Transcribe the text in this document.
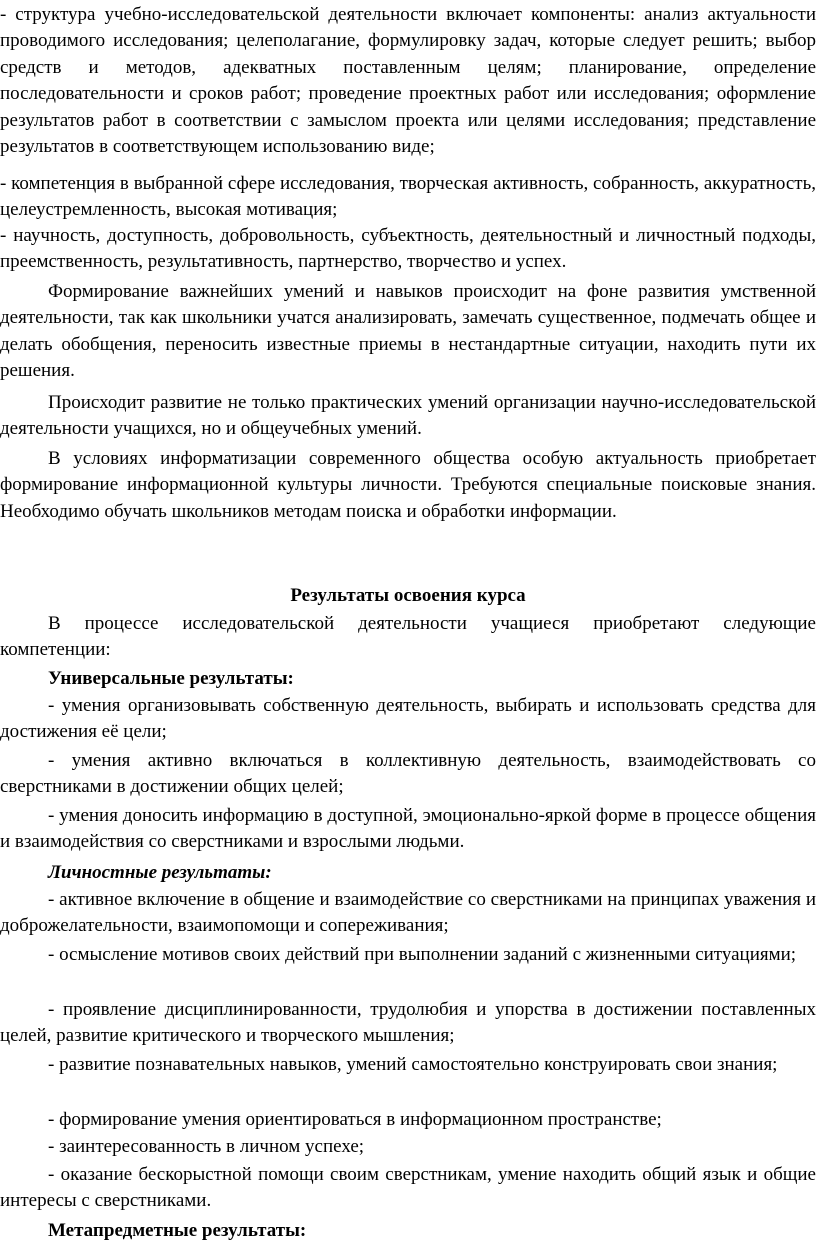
- структура учебно-исследовательской деятельности включает компоненты: анализ актуальности проводимого исследования; целеполагание, формулировку задач, которые следует решить; выбор средств и методов, адекватных поставленным целям; планирование, определение последовательности и сроков работ; проведение проектных работ или исследования; оформление результатов работ в соответствии с замыслом проекта или целями исследования; представление результатов в соответствующем использованию виде;

- компетенция в выбранной сфере исследования, творческая активность, собранность, аккуратность, целеустремленность, высокая мотивация;

- научность, доступность, добровольность, субъектность, деятельностный и личностный подходы, преемственность, результативность, партнерство, творчество и успех.

Формирование важнейших умений и навыков происходит на фоне развития умственной деятельности, так как школьники учатся анализировать, замечать существенное, подмечать общее и делать обобщения, переносить известные приемы в нестандартные ситуации, находить пути их решения.

Происходит развитие не только практических умений организации научно-исследовательской деятельности учащихся, но и общеучебных умений.

В условиях информатизации современного общества особую актуальность приобретает формирование информационной культуры личности. Требуются специальные поисковые знания. Необходимо обучать школьников методам поиска и обработки информации.

Результаты освоения курса

В процессе исследовательской деятельности учащиеся приобретают следующие компетенции:

Универсальные результаты:

- умения организовывать собственную деятельность, выбирать и использовать средства для достижения её цели;

- умения активно включаться в коллективную деятельность, взаимодействовать со сверстниками в достижении общих целей;

- умения доносить информацию в доступной, эмоционально-яркой форме в процессе общения и взаимодействия со сверстниками и взрослыми людьми.

Личностные результаты:

- активное включение в общение и взаимодействие со сверстниками на принципах уважения и доброжелательности, взаимопомощи и сопереживания;

- осмысление мотивов своих действий при выполнении заданий с жизненными ситуациями;

- проявление дисциплинированности, трудолюбия и упорства в достижении поставленных целей, развитие критического и творческого мышления;

- развитие познавательных навыков, умений самостоятельно конструировать свои знания;

- формирование умения ориентироваться в информационном пространстве;

- заинтересованность в личном успехе;

- оказание бескорыстной помощи своим сверстникам, умение находить общий язык и общие интересы с сверстниками.

Метапредметные результаты:
